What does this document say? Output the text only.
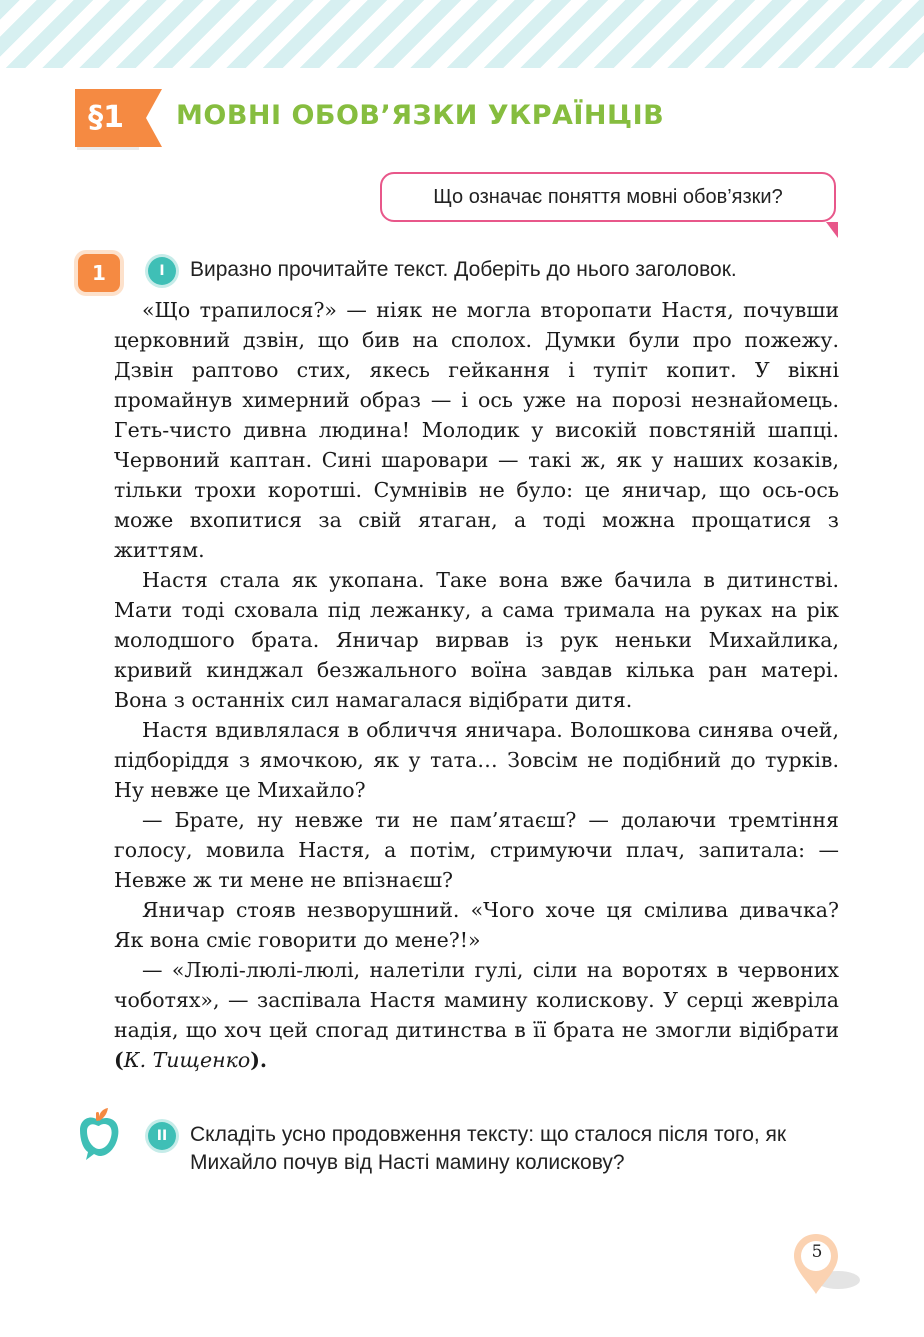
§1	МОВНІ ОБОВ’ЯЗКИ УКРАЇНЦІВ
Що означає поняття мовні обов’язки?
1	I	Виразно прочитайте текст. Доберіть до нього заголовок.

«Що трапилося?» — ніяк не могла второпати Настя, почувши церковний дзвін, що бив на сполох. Думки були про пожежу. Дзвін раптово стих, якесь гейкання і тупіт копит. У вікні промайнув химерний образ — і ось уже на порозі незнайомець. Геть-чисто дивна людина! Молодик у високій повстяній шапці. Червоний каптан. Сині шаровари — такі ж, як у наших козаків, тільки трохи коротші. Сумнівів не було: це яничар, що ось-ось може вхопитися за свій ятаган, а тоді можна прощатися з життям.

Настя стала як укопана. Таке вона вже бачила в дитинстві. Мати тоді сховала під лежанку, а сама тримала на руках на рік молодшого брата. Яничар вирвав із рук неньки Михайлика, кривий кинджал безжального воїна завдав кілька ран матері. Вона з останніх сил намагалася відібрати дитя.

Настя вдивлялася в обличчя яничара. Волошкова синява очей, підборіддя з ямочкою, як у тата… Зовсім не подібний до турків. Ну невже це Михайло?

— Брате, ну невже ти не пам’ятаєш? — долаючи тремтіння голосу, мовила Настя, а потім, стримуючи плач, запитала: — Невже ж ти мене не впізнаєш?

Яничар стояв незворушний. «Чого хоче ця смілива дивачка? Як вона сміє говорити до мене?!»

— «Люлі-люлі-люлі, налетіли гулі, сіли на воротях в червоних чоботях», — заспівала Настя мамину колискову. У серці жевріла надія, що хоч цей спогад дитинства в її брата не змогли відібрати (К. Тищенко).

II	Складіть усно продовження тексту: що сталося після того, як Михайло почув від Насті мамину колискову?
5
